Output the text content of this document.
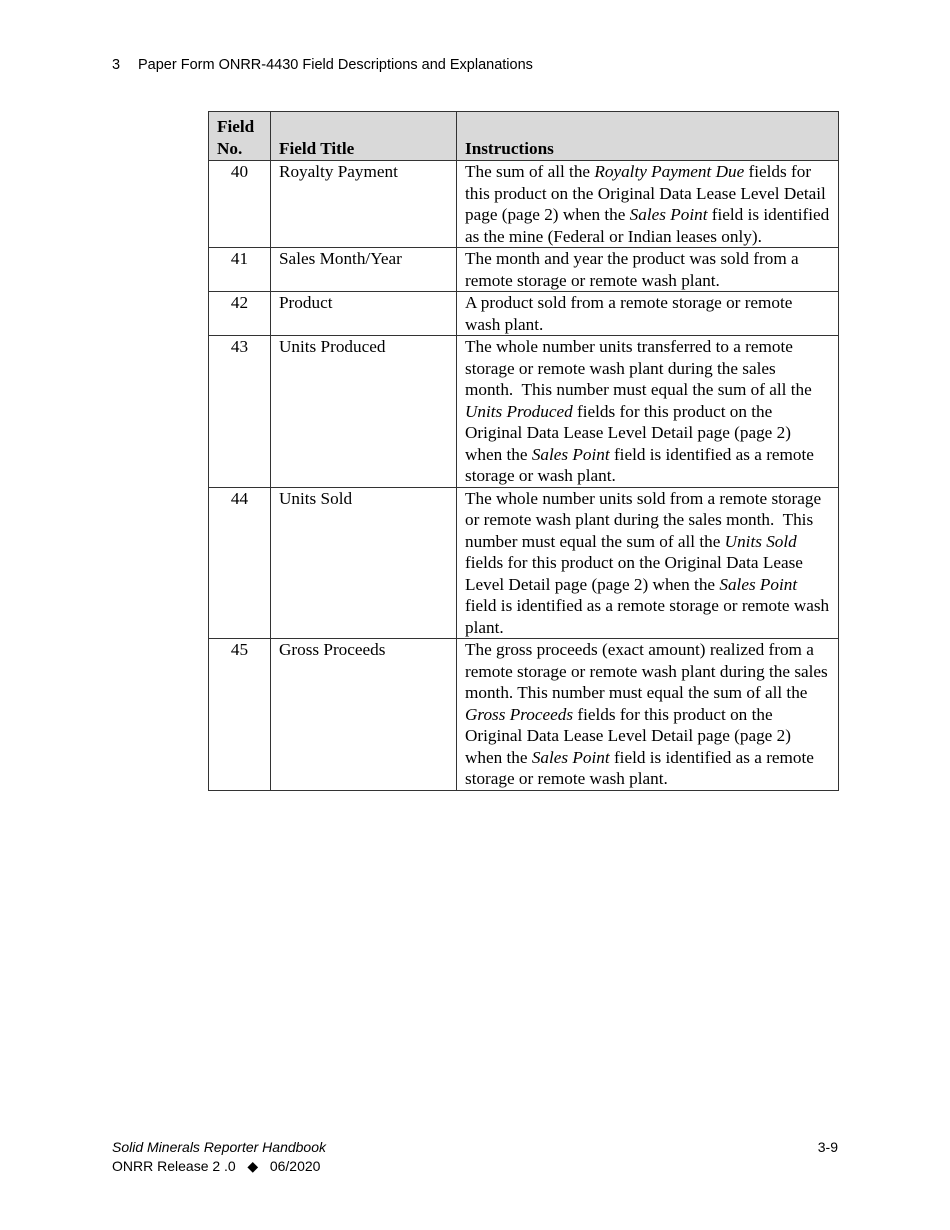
3 Paper Form ONRR-4430 Field Descriptions and Explanations
Field
No.	Field Title	Instructions
40	Royalty Payment	The sum of all the Royalty Payment Due fields for this product on the Original Data Lease Level Detail page (page 2) when the Sales Point field is identified as the mine (Federal or Indian leases only).
41	Sales Month/Year	The month and year the product was sold from a remote storage or remote wash plant.
42	Product	A product sold from a remote storage or remote wash plant.
43	Units Produced	The whole number units transferred to a remote storage or remote wash plant during the sales month.  This number must equal the sum of all the Units Produced fields for this product on the Original Data Lease Level Detail page (page 2) when the Sales Point field is identified as a remote storage or wash plant.
44	Units Sold	The whole number units sold from a remote storage or remote wash plant during the sales month.  This number must equal the sum of all the Units Sold fields for this product on the Original Data Lease Level Detail page (page 2) when the Sales Point field is identified as a remote storage or remote wash plant.
45	Gross Proceeds	The gross proceeds (exact amount) realized from a remote storage or remote wash plant during the sales month. This number must equal the sum of all the Gross Proceeds fields for this product on the Original Data Lease Level Detail page (page 2) when the Sales Point field is identified as a remote storage or remote wash plant.
Solid Minerals Reporter Handbook
ONRR Release 2 .0 ◆ 06/2020
3-9
